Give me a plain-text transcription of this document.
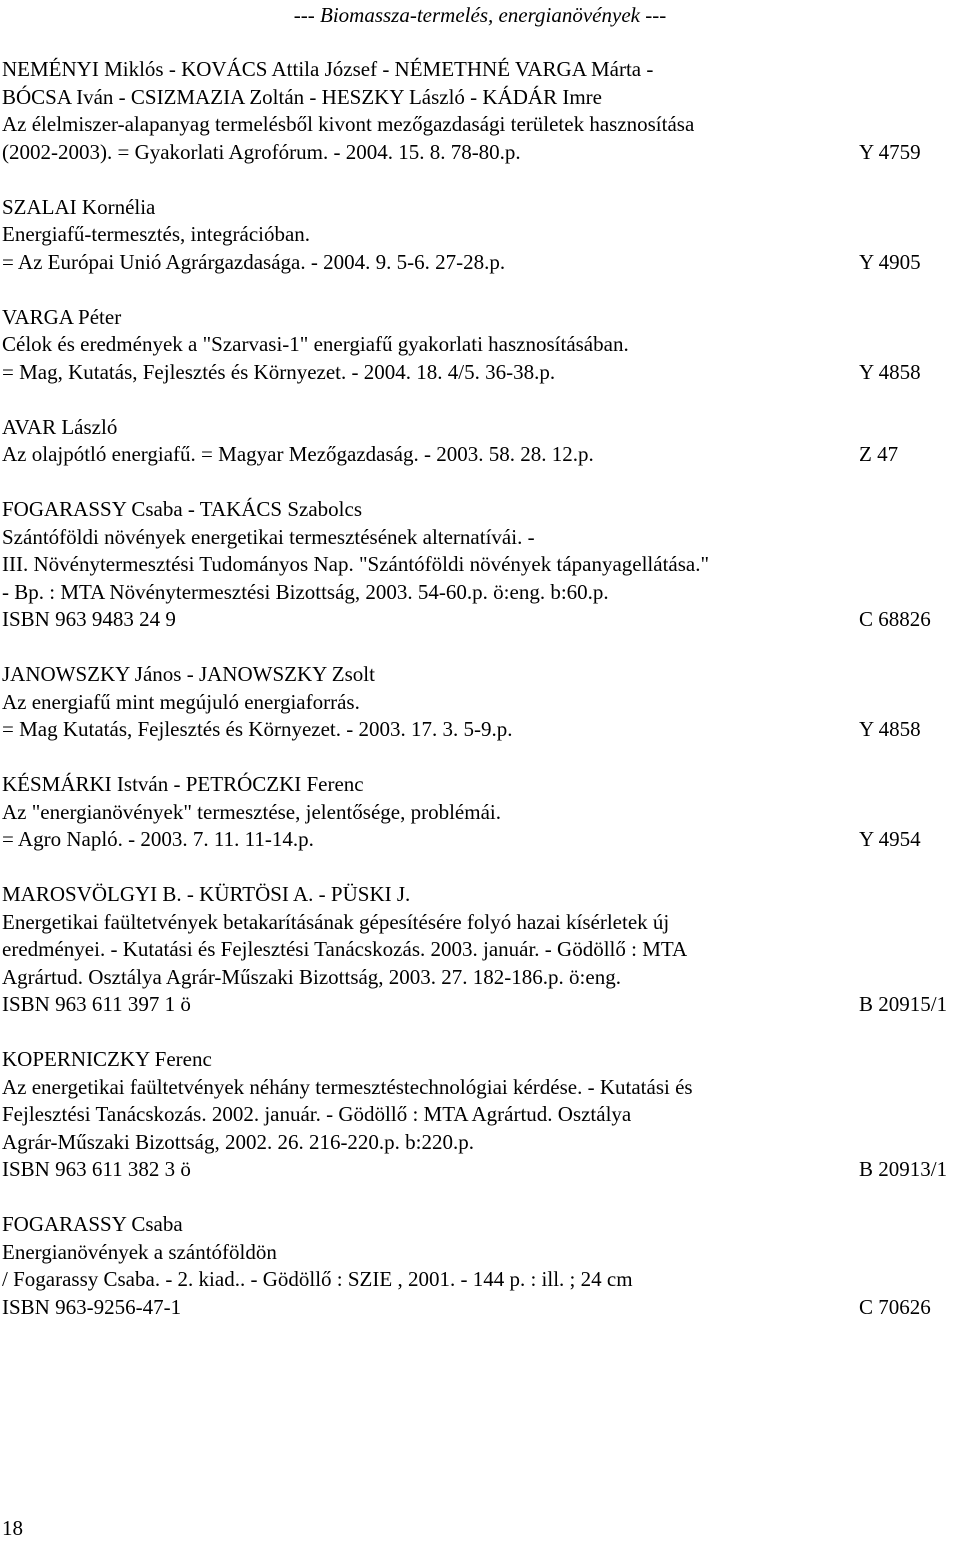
--- Biomassza-termelés, energianövények ---
NEMÉNYI Miklós - KOVÁCS Attila József - NÉMETHNÉ VARGA Márta -
BÓCSA Iván - CSIZMAZIA Zoltán - HESZKY László - KÁDÁR Imre
Az élelmiszer-alapanyag termelésből kivont mezőgazdasági területek hasznosítása
(2002-2003). = Gyakorlati Agrofórum. - 2004. 15. 8. 78-80.p.	Y 4759
SZALAI Kornélia
Energiafű-termesztés, integrációban.
= Az Európai Unió Agrárgazdasága. - 2004. 9. 5-6. 27-28.p.	Y 4905
VARGA Péter
Célok és eredmények a "Szarvasi-1" energiafű gyakorlati hasznosításában.
= Mag, Kutatás, Fejlesztés és Környezet. - 2004. 18. 4/5. 36-38.p.	Y 4858
AVAR László
Az olajpótló energiafű. = Magyar Mezőgazdaság. - 2003. 58. 28. 12.p.	Z 47
FOGARASSY Csaba - TAKÁCS Szabolcs
Szántóföldi növények energetikai termesztésének alternatívái. -
III. Növénytermesztési Tudományos Nap. "Szántóföldi növények tápanyagellátása."
- Bp. : MTA Növénytermesztési Bizottság, 2003. 54-60.p. ö:eng. b:60.p.
ISBN 963 9483 24 9	C 68826
JANOWSZKY János - JANOWSZKY Zsolt
Az energiafű mint megújuló energiaforrás.
= Mag Kutatás, Fejlesztés és Környezet. - 2003. 17. 3. 5-9.p.	Y 4858
KÉSMÁRKI István - PETRÓCZKI Ferenc
Az "energianövények" termesztése, jelentősége, problémái.
= Agro Napló. - 2003. 7. 11. 11-14.p.	Y 4954
MAROSVÖLGYI B. - KÜRTÖSI A. - PÜSKI J.
Energetikai faültetvények betakarításának gépesítésére folyó hazai kísérletek új
eredményei. - Kutatási és Fejlesztési Tanácskozás. 2003. január. - Gödöllő : MTA
Agrártud. Osztálya Agrár-Műszaki Bizottság, 2003. 27. 182-186.p. ö:eng.
ISBN 963 611 397 1 ö	B 20915/1
KOPERNICZKY Ferenc
Az energetikai faültetvények néhány termesztéstechnológiai kérdése. - Kutatási és
Fejlesztési Tanácskozás. 2002. január. - Gödöllő : MTA Agrártud. Osztálya
Agrár-Műszaki Bizottság, 2002. 26. 216-220.p. b:220.p.
ISBN 963 611 382 3 ö	B 20913/1
FOGARASSY Csaba
Energianövények a szántóföldön
/ Fogarassy Csaba. - 2. kiad.. - Gödöllő : SZIE , 2001. - 144 p. : ill. ; 24 cm
ISBN 963-9256-47-1	C 70626
18
